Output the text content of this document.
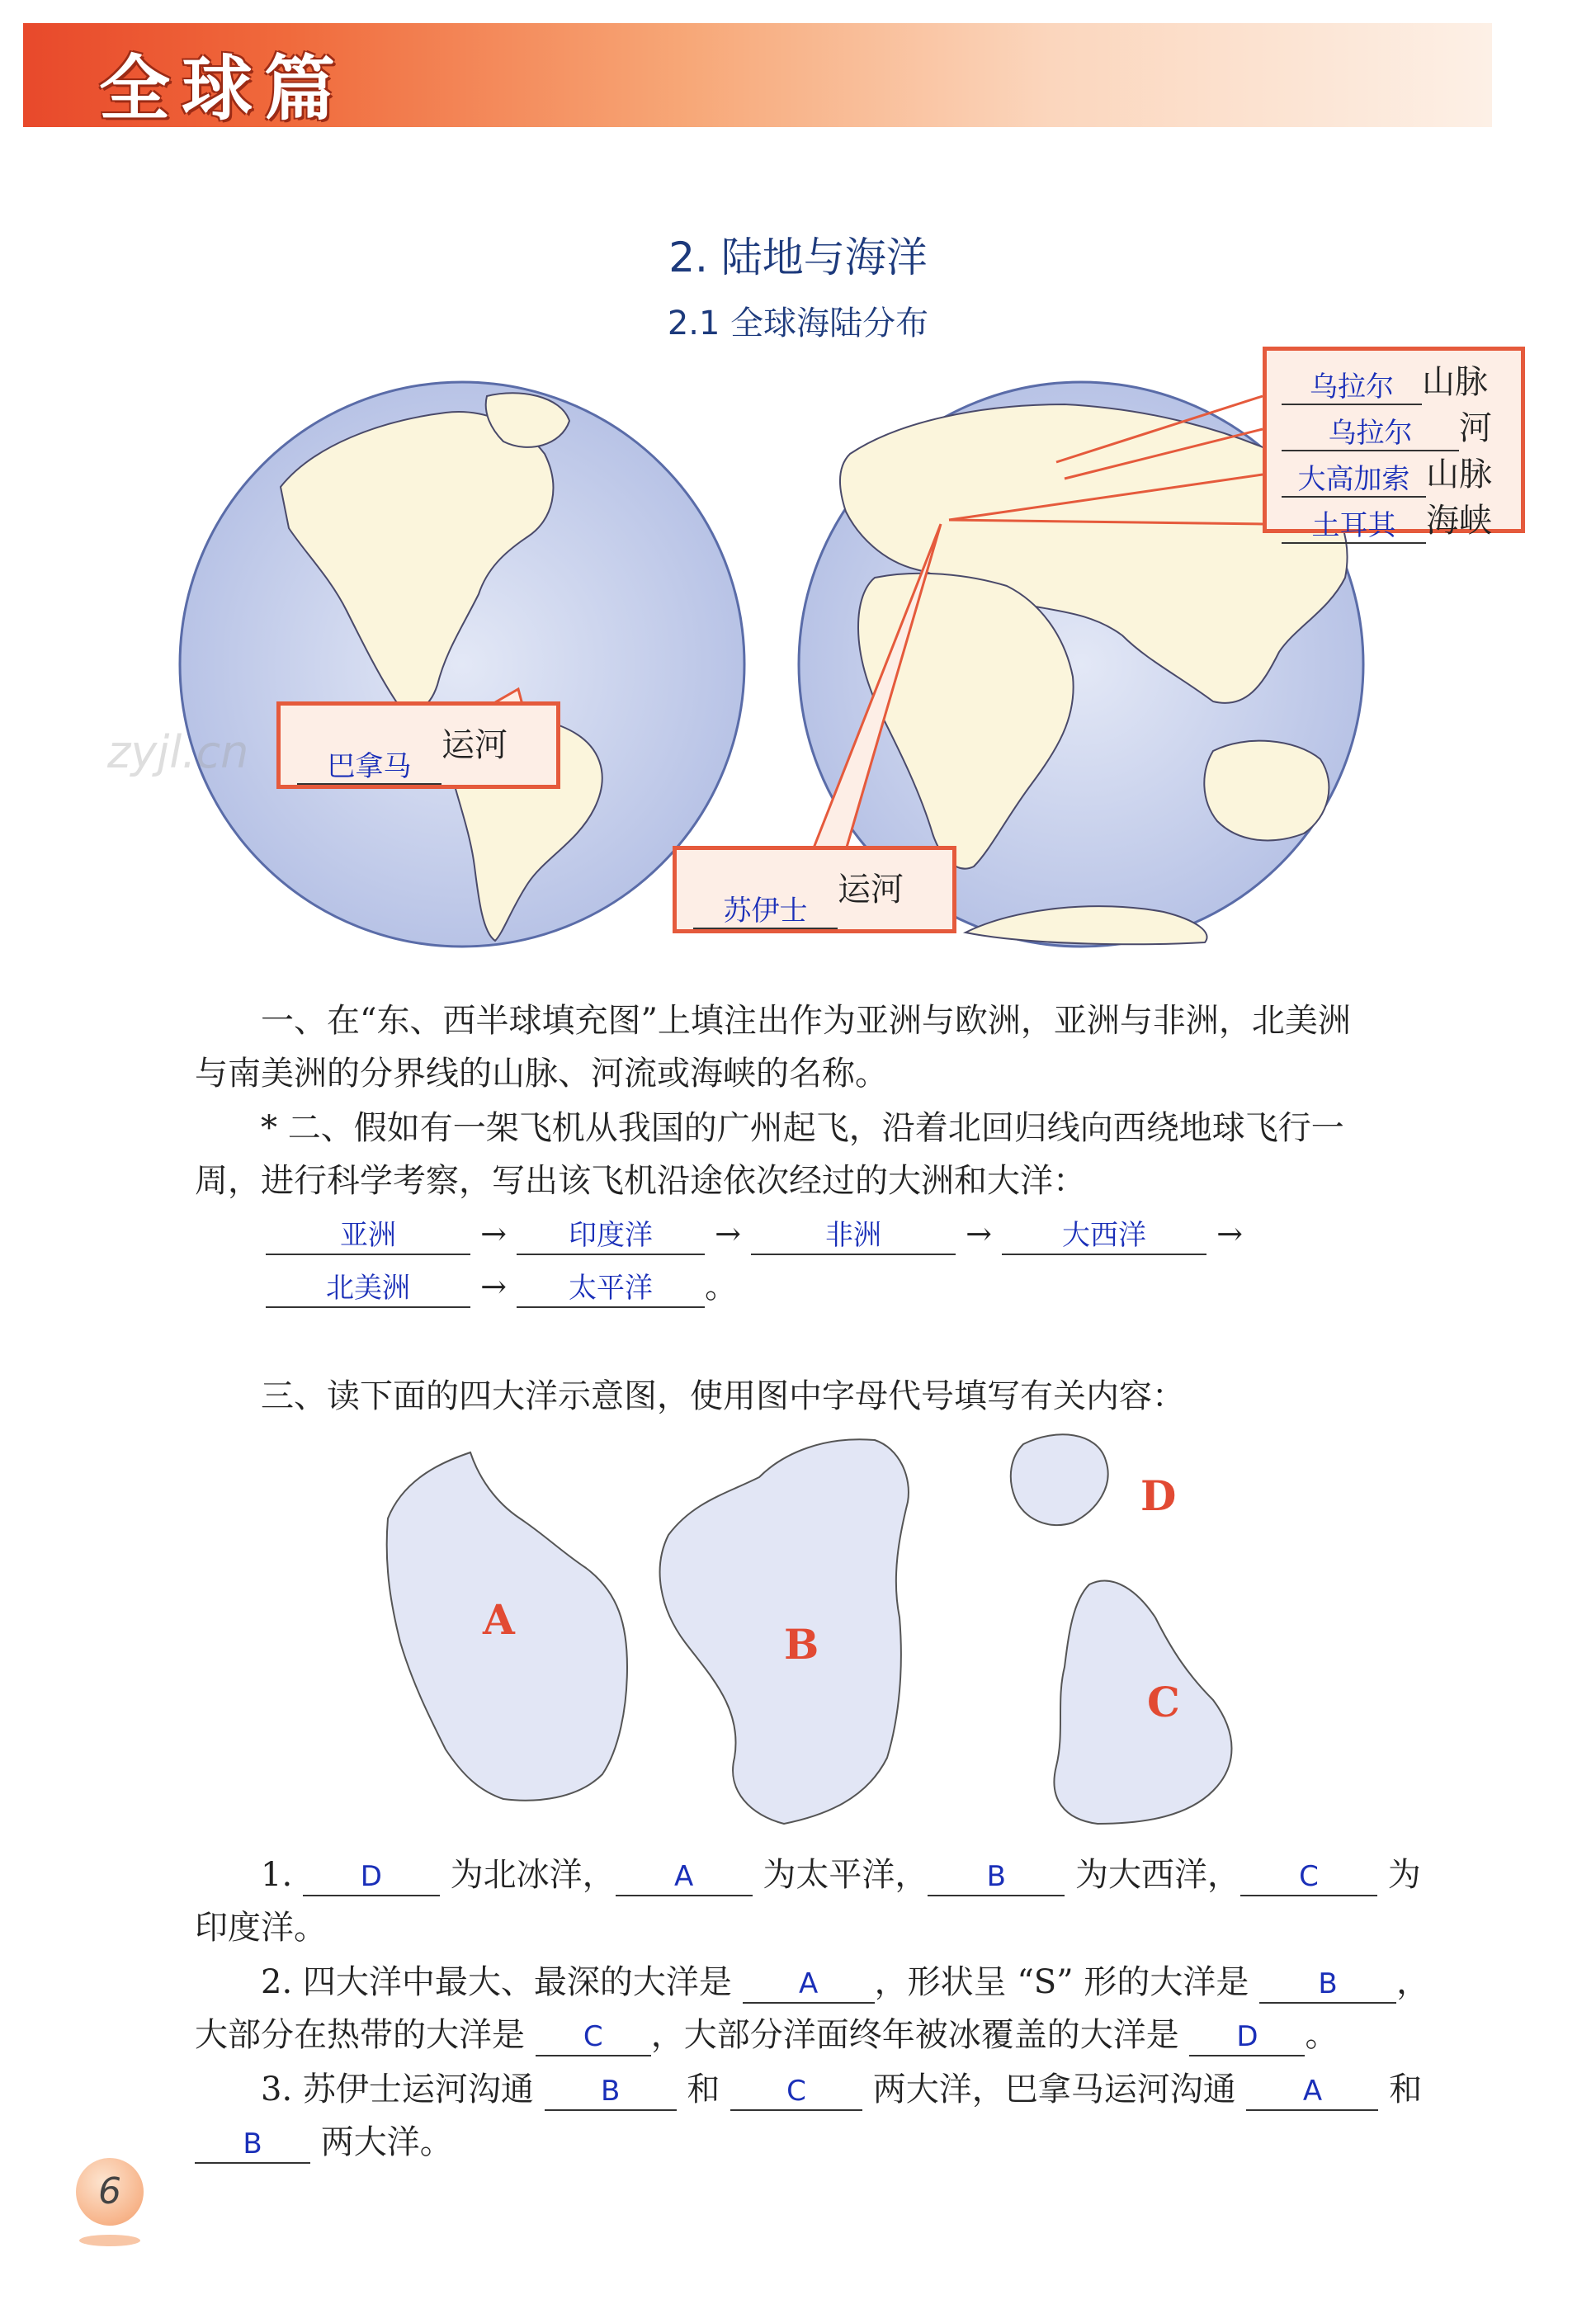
全球篇
2. 陆地与海洋
2.1 全球海陆分布
乌拉尔 山脉
乌拉尔 河
大高加索 山脉
土耳其 海峡
巴拿马运河
苏伊士运河
zyjl.cn
一、在“东、西半球填充图”上填注出作为亚洲与欧洲，亚洲与非洲，北美洲
与南美洲的分界线的山脉、河流或海峡的名称。
* 二、假如有一架飞机从我国的广州起飞，沿着北回归线向西绕地球飞行一
周，进行科学考察，写出该飞机沿途依次经过的大洲和大洋：
亚洲	→ 印度洋 →	非洲	→	大西洋 →
北美洲 → 太平洋 。
三、读下面的四大洋示意图，使用图中字母代号填写有关内容：
A
B
C
D
1. D 为北冰洋， A 为太平洋， B 为大西洋， C 为
印度洋。
2. 四大洋中最大、最深的大洋是 A ，形状呈 “S” 形的大洋是 B ，
大部分在热带的大洋是 C ，大部分洋面终年被冰覆盖的大洋是 D 。
3. 苏伊士运河沟通 B 和 C 两大洋，巴拿马运河沟通 A 和
B 两大洋。
6
